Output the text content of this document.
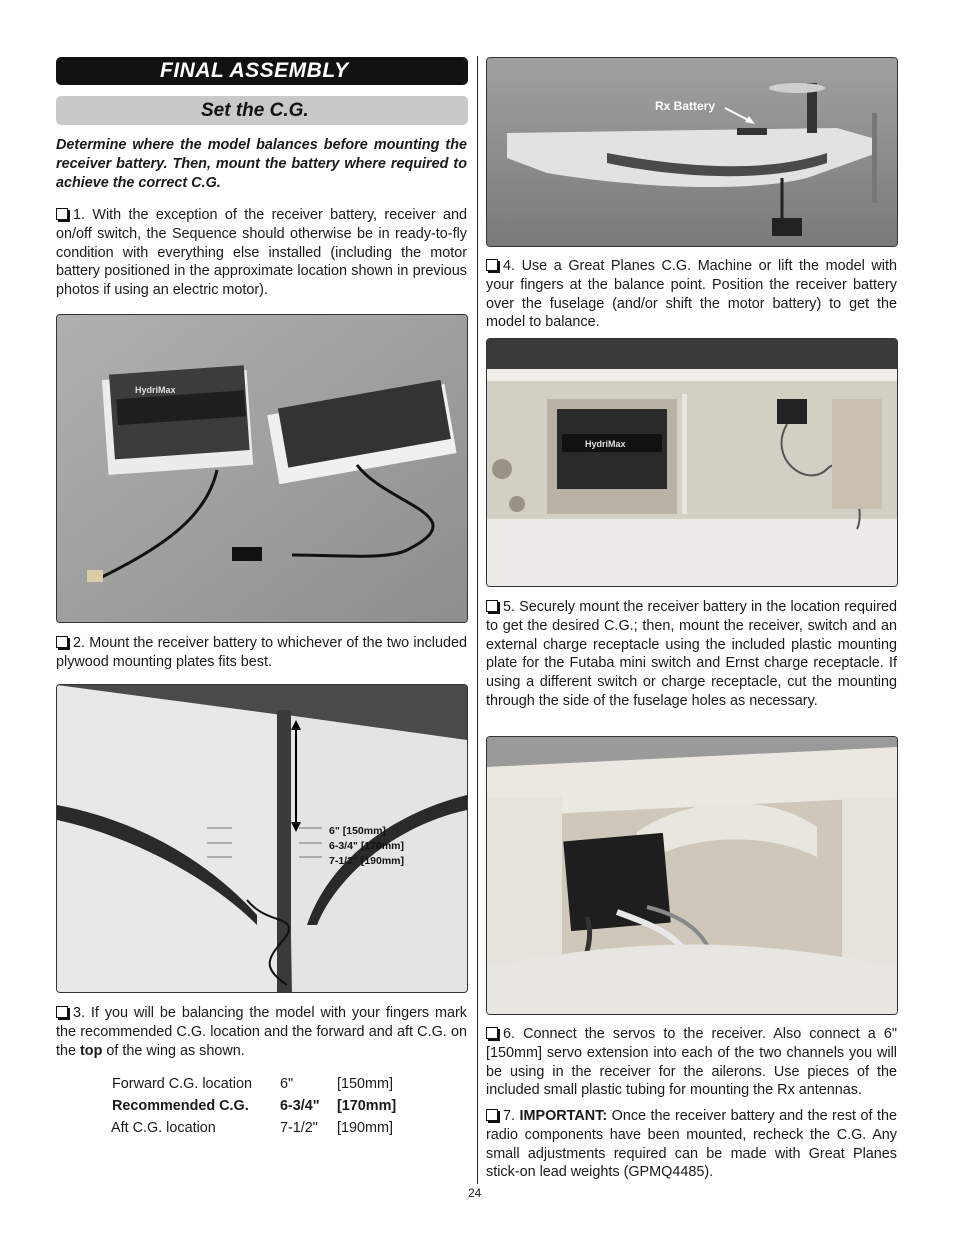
FINAL ASSEMBLY
Set the C.G.
Determine where the model balances before mounting the receiver battery. Then, mount the battery where required to achieve the correct C.G.
1. With the exception of the receiver battery, receiver and on/off switch, the Sequence should otherwise be in ready-to-fly condition with everything else installed (including the motor battery positioned in the approximate location shown in previous photos if using an electric motor).
HydriMax
2. Mount the receiver battery to whichever of the two included plywood mounting plates fits best.
6" [150mm]
6-3/4" [170mm]
7-1/2" [190mm]
3. If you will be balancing the model with your fingers mark the recommended C.G. location and the forward and aft C.G. on the top of the wing as shown.
Forward C.G. location 6"	[150mm]
Recommended C.G. 6-3/4" [170mm]
Aft C.G. location	7-1/2" [190mm]
Rx Battery
4. Use a Great Planes C.G. Machine or lift the model with your fingers at the balance point. Position the receiver battery over the fuselage (and/or shift the motor battery) to get the model to balance.
HydriMax
5. Securely mount the receiver battery in the location required to get the desired C.G.; then, mount the receiver, switch and an external charge receptacle using the included plastic mounting plate for the Futaba mini switch and Ernst charge receptacle. If using a different switch or charge receptacle, cut the mounting through the side of the fuselage holes as necessary.
6. Connect the servos to the receiver. Also connect a 6" [150mm] servo extension into each of the two channels you will be using in the receiver for the ailerons. Use pieces of the included small plastic tubing for mounting the Rx antennas.
7. IMPORTANT: Once the receiver battery and the rest of the radio components have been mounted, recheck the C.G. Any small adjustments required can be made with Great Planes stick-on lead weights (GPMQ4485).
24
